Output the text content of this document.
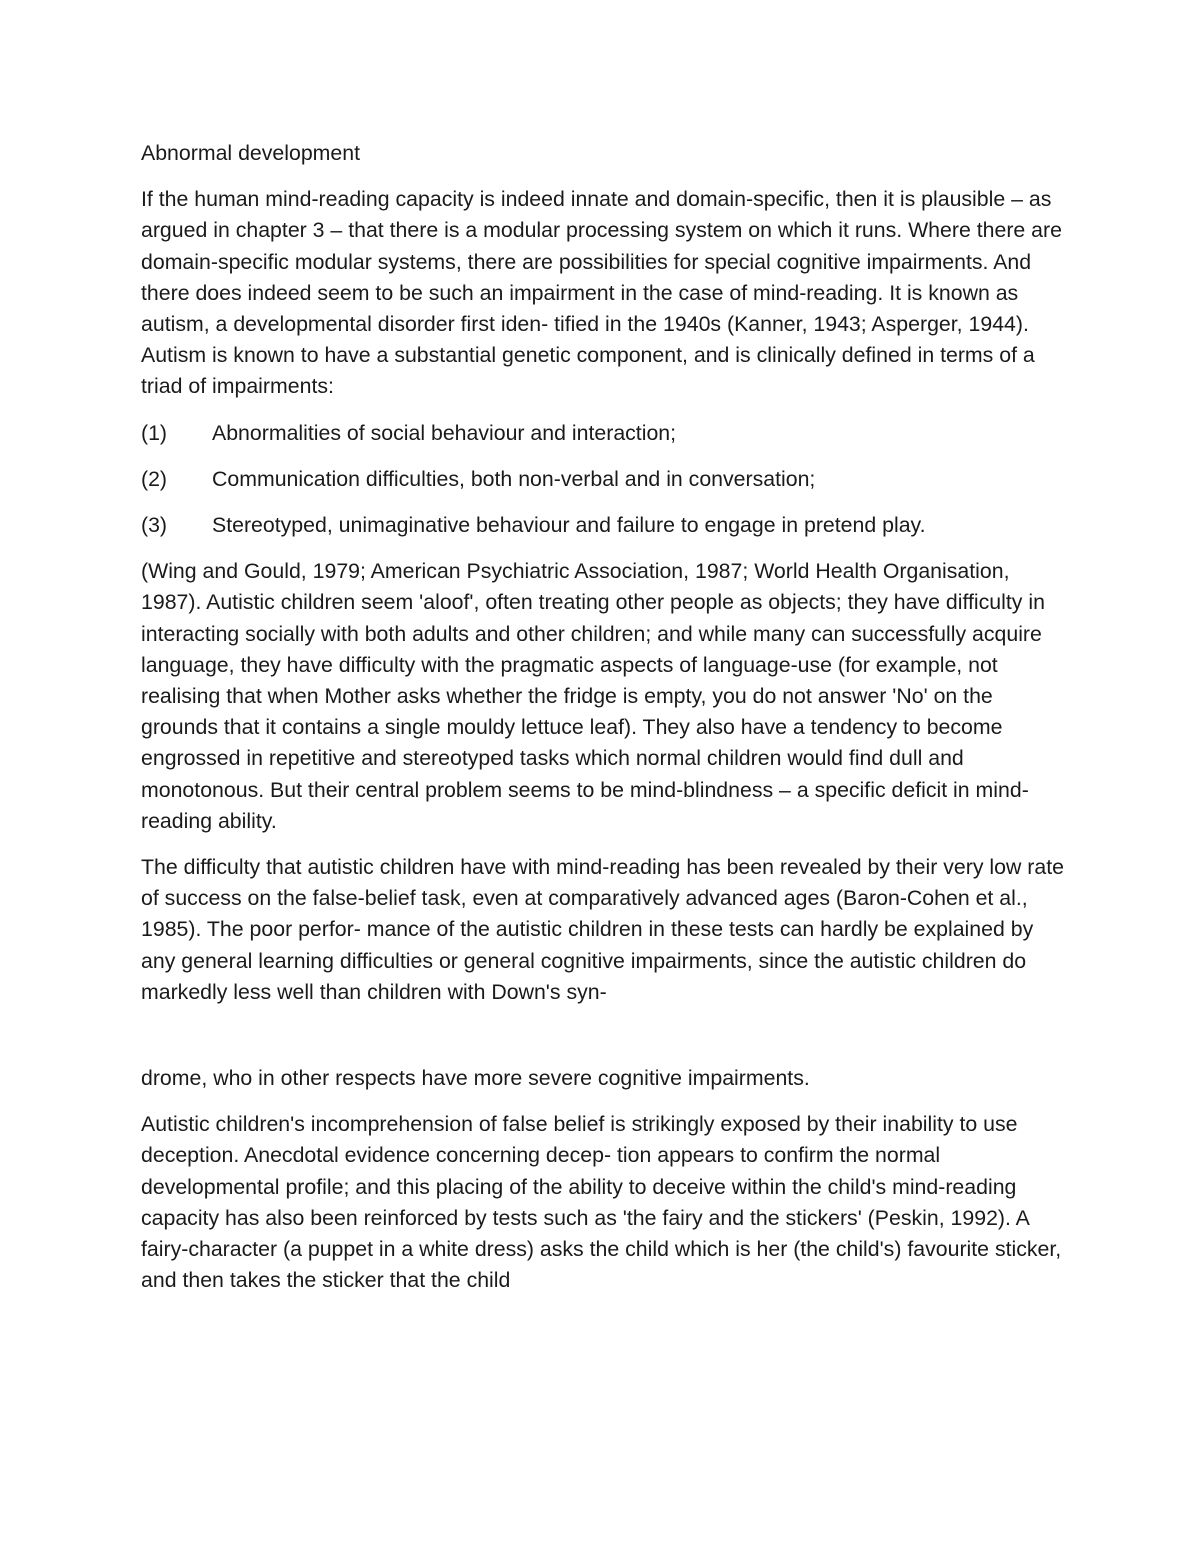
Abnormal development

If the human mind-reading capacity is indeed innate and domain-specific, then it is plausible – as argued in chapter 3 – that there is a modular processing system on which it runs. Where there are domain-specific modular systems, there are possibilities for special cognitive impairments. And there does indeed seem to be such an impairment in the case of mind-reading. It is known as autism, a developmental disorder first iden- tified in the 1940s (Kanner, 1943; Asperger, 1944). Autism is known to have a substantial genetic component, and is clinically defined in terms of a triad of impairments:

(1)	Abnormalities of social behaviour and interaction;
(2)	Communication difficulties, both non-verbal and in conversation;
(3)	Stereotyped, unimaginative behaviour and failure to engage in pretend play.

(Wing and Gould, 1979; American Psychiatric Association, 1987; World Health Organisation, 1987). Autistic children seem 'aloof', often treating other people as objects; they have difficulty in interacting socially with both adults and other children; and while many can successfully acquire language, they have difficulty with the pragmatic aspects of language-use (for example, not realising that when Mother asks whether the fridge is empty, you do not answer 'No' on the grounds that it contains a single mouldy lettuce leaf). They also have a tendency to become engrossed in repetitive and stereotyped tasks which normal children would find dull and monotonous. But their central problem seems to be mind-blindness – a specific deficit in mind-reading ability.

The difficulty that autistic children have with mind-reading has been revealed by their very low rate of success on the false-belief task, even at comparatively advanced ages (Baron-Cohen et al., 1985). The poor perfor- mance of the autistic children in these tests can hardly be explained by any general learning difficulties or general cognitive impairments, since the autistic children do markedly less well than children with Down's syn-

drome, who in other respects have more severe cognitive impairments.

Autistic children's incomprehension of false belief is strikingly exposed by their inability to use deception. Anecdotal evidence concerning decep- tion appears to confirm the normal developmental profile; and this placing of the ability to deceive within the child's mind-reading capacity has also been reinforced by tests such as 'the fairy and the stickers' (Peskin, 1992). A fairy-character (a puppet in a white dress) asks the child which is her (the child's) favourite sticker, and then takes the sticker that the child
